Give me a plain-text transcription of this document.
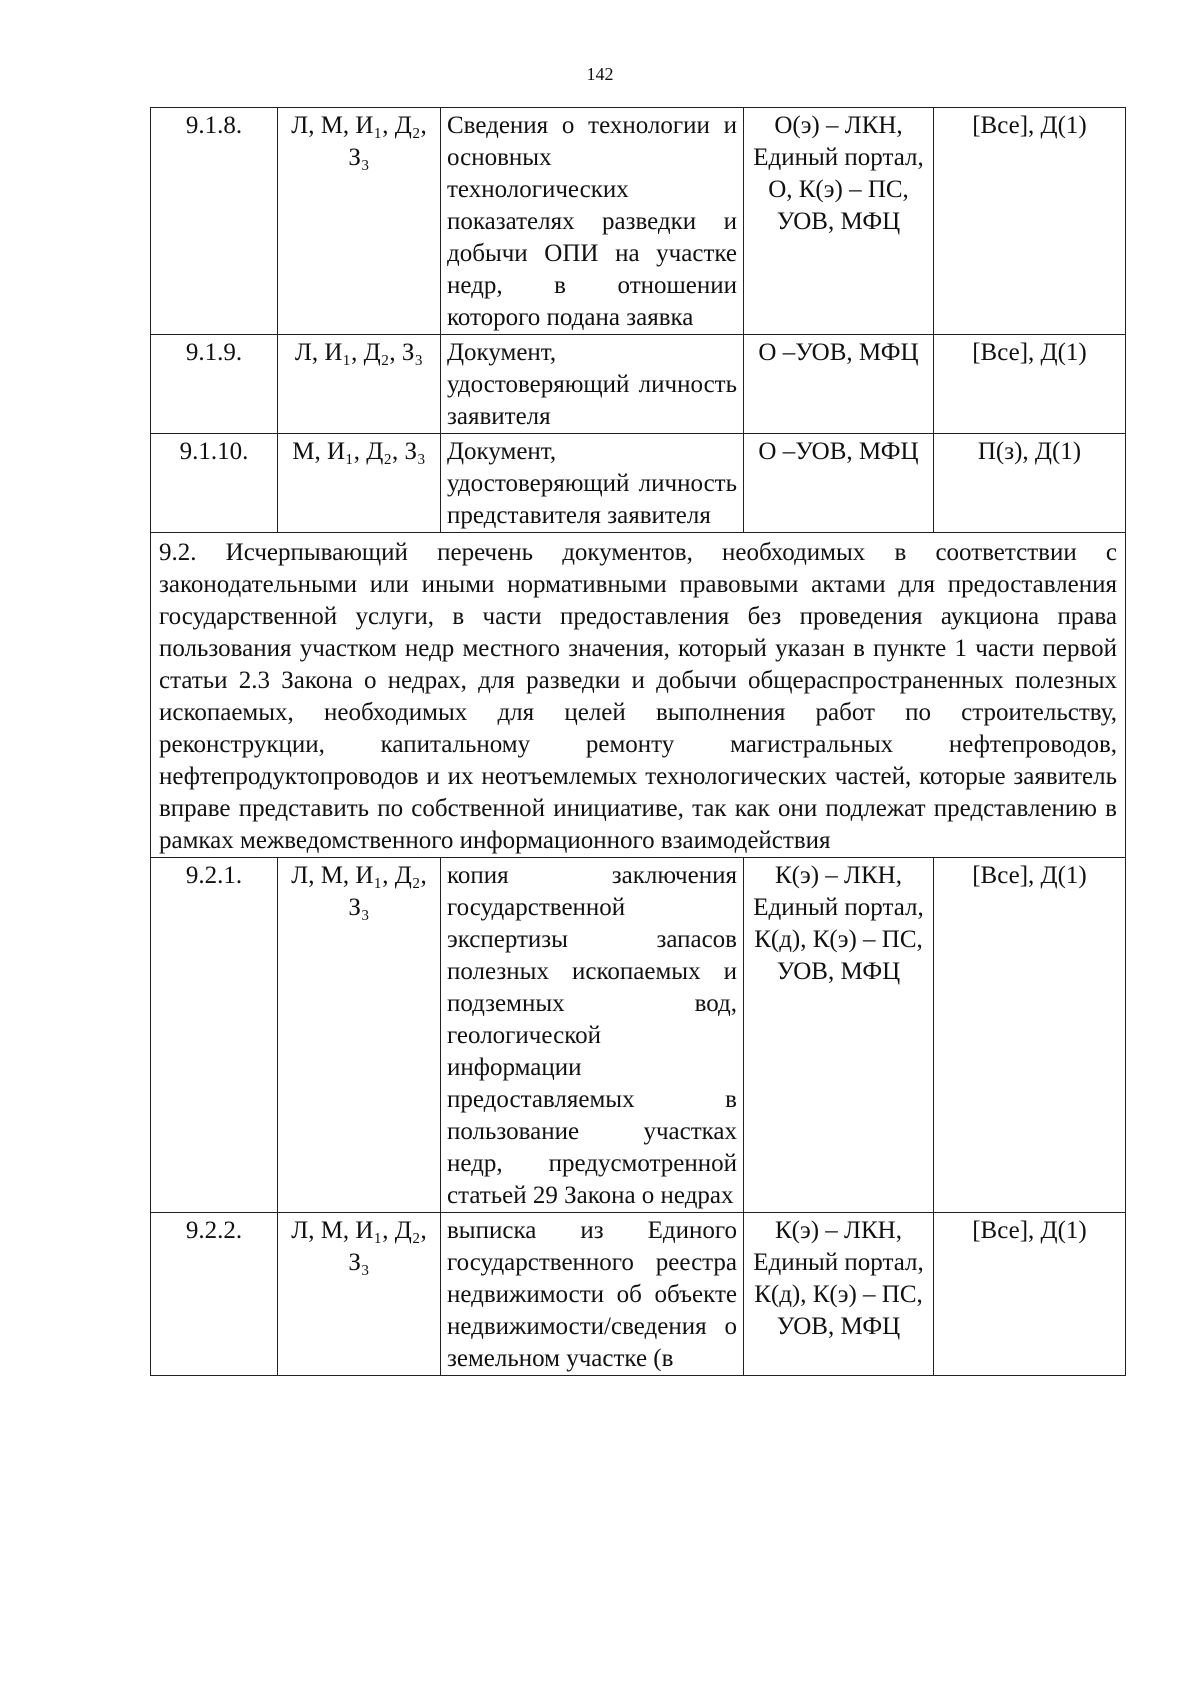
142
9.1.8.	Л, М, И₁, Д₂, З₃	Сведения о технологии и основных технологических показателях разведки и добычи ОПИ на участке недр, в отношении которого подана заявка	О(э) – ЛКН, Единый портал, О, К(э) – ПС, УОВ, МФЦ	[Все], Д(1)
9.1.9.	Л, И₁, Д₂, З₃	Документ, удостоверяющий личность заявителя	О –УОВ, МФЦ	[Все], Д(1)
9.1.10.	М, И₁, Д₂, З₃	Документ, удостоверяющий личность представителя заявителя	О –УОВ, МФЦ	П(з), Д(1)
9.2. Исчерпывающий перечень документов, необходимых в соответствии с законодательными или иными нормативными правовыми актами для предоставления государственной услуги, в части предоставления без проведения аукциона права пользования участком недр местного значения, который указан в пункте 1 части первой статьи 2.3 Закона о недрах, для разведки и добычи общераспространенных полезных ископаемых, необходимых для целей выполнения работ по строительству, реконструкции, капитальному ремонту магистральных нефтепроводов, нефтепродуктопроводов и их неотъемлемых технологических частей, которые заявитель вправе представить по собственной инициативе, так как они подлежат представлению в рамках межведомственного информационного взаимодействия				
9.2.1.	Л, М, И₁, Д₂, З₃	копия заключения государственной экспертизы запасов полезных ископаемых и подземных вод, геологической информации предоставляемых в пользование участках недр, предусмотренной статьей 29 Закона о недрах	К(э) – ЛКН, Единый портал, К(д), К(э) – ПС, УОВ, МФЦ	[Все], Д(1)
9.2.2.	Л, М, И₁, Д₂, З₃	выписка из Единого государственного реестра недвижимости об объекте недвижимости/сведения о земельном участке (в	К(э) – ЛКН, Единый портал, К(д), К(э) – ПС, УОВ, МФЦ	[Все], Д(1)
